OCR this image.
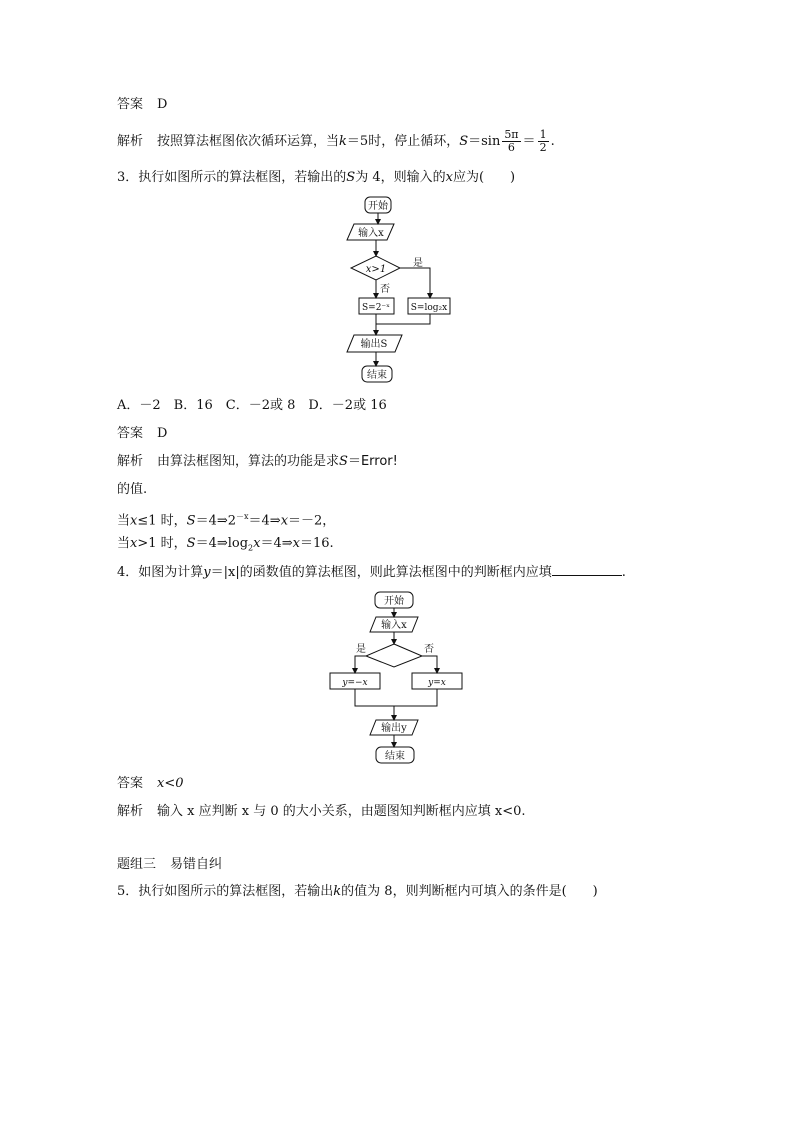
答案 D
解析 按照算法框图依次循环运算，当k＝5时，停止循环，$S=\sin \frac{5\pi}{6} = \frac{1}{2}$ .
3．执行如图所示的算法框图，若输出的S为 4，则输入的x应为(　　)
开始
输入x
x>1
是
否
S=2⁻ˣ S=log₂x
输出S
结束
A．－2　B．16　C．－2或 8　D．－2或 16
答案 D
解析 由算法框图知，算法的功能是求S＝Error!
的值.
当x≤1 时，$S=4\Rightarrow 2^{-x}=4\Rightarrow x=-2$，
当x>1 时，$S=4\Rightarrow\log_2x=4\Rightarrow x=16$.
4．如图为计算y＝|x|的函数值的算法框图，则此算法框图中的判断框内应填	.
开始
输入x
是	否
y=−x	y=x
输出y
结束
答案 x<0
解析 输入 x 应判断 x 与 0 的大小关系，由题图知判断框内应填 x<0.
题组三 易错自纠
5．执行如图所示的算法框图，若输出k的值为 8，则判断框内可填入的条件是(　　)
